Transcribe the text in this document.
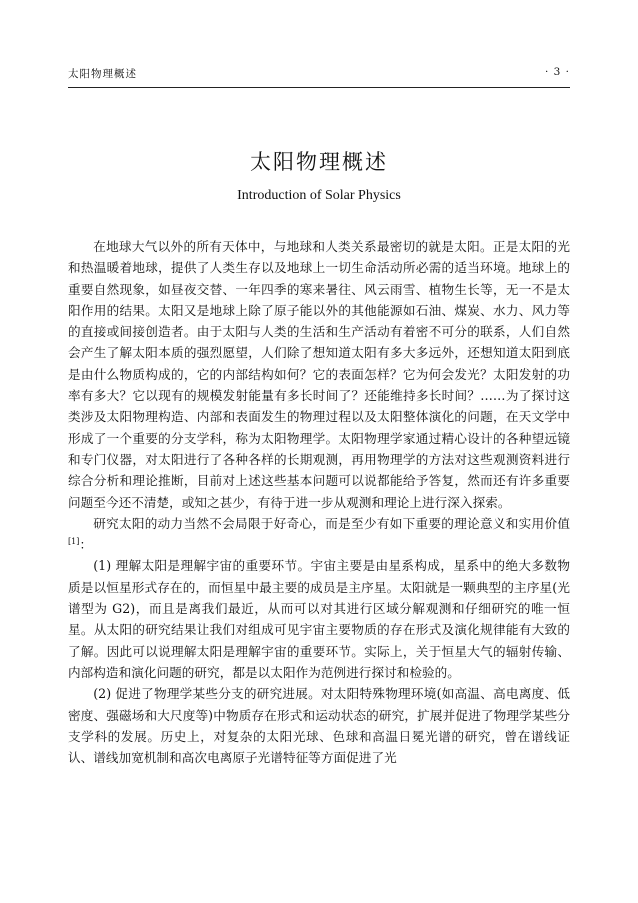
太阳物理概述	· 3 ·
太阳物理概述
Introduction of Solar Physics

在地球大气以外的所有天体中，与地球和人类关系最密切的就是太阳。正是太阳的光和热温暖着地球，提供了人类生存以及地球上一切生命活动所必需的适当环境。地球上的重要自然现象，如昼夜交替、一年四季的寒来暑往、风云雨雪、植物生长等，无一不是太阳作用的结果。太阳又是地球上除了原子能以外的其他能源如石油、煤炭、水力、风力等的直接或间接创造者。由于太阳与人类的生活和生产活动有着密不可分的联系，人们自然会产生了解太阳本质的强烈愿望，人们除了想知道太阳有多大多远外，还想知道太阳到底是由什么物质构成的，它的内部结构如何？它的表面怎样？它为何会发光？太阳发射的功率有多大？它以现有的规模发射能量有多长时间了？还能维持多长时间？……为了探讨这类涉及太阳物理构造、内部和表面发生的物理过程以及太阳整体演化的问题，在天文学中形成了一个重要的分支学科，称为太阳物理学。太阳物理学家通过精心设计的各种望远镜和专门仪器，对太阳进行了各种各样的长期观测，再用物理学的方法对这些观测资料进行综合分析和理论推断，目前对上述这些基本问题可以说都能给予答复，然而还有许多重要问题至今还不清楚，或知之甚少，有待于进一步从观测和理论上进行深入探索。

研究太阳的动力当然不会局限于好奇心，而是至少有如下重要的理论意义和实用价值[1]：

(1) 理解太阳是理解宇宙的重要环节。宇宙主要是由星系构成，星系中的绝大多数物质是以恒星形式存在的，而恒星中最主要的成员是主序星。太阳就是一颗典型的主序星(光谱型为 G2)，而且是离我们最近，从而可以对其进行区域分解观测和仔细研究的唯一恒星。从太阳的研究结果让我们对组成可见宇宙主要物质的存在形式及演化规律能有大致的了解。因此可以说理解太阳是理解宇宙的重要环节。实际上，关于恒星大气的辐射传输、内部构造和演化问题的研究，都是以太阳作为范例进行探讨和检验的。

(2) 促进了物理学某些分支的研究进展。对太阳特殊物理环境(如高温、高电离度、低密度、强磁场和大尺度等)中物质存在形式和运动状态的研究，扩展并促进了物理学某些分支学科的发展。历史上，对复杂的太阳光球、色球和高温日冕光谱的研究，曾在谱线证认、谱线加宽机制和高次电离原子光谱特征等方面促进了光
